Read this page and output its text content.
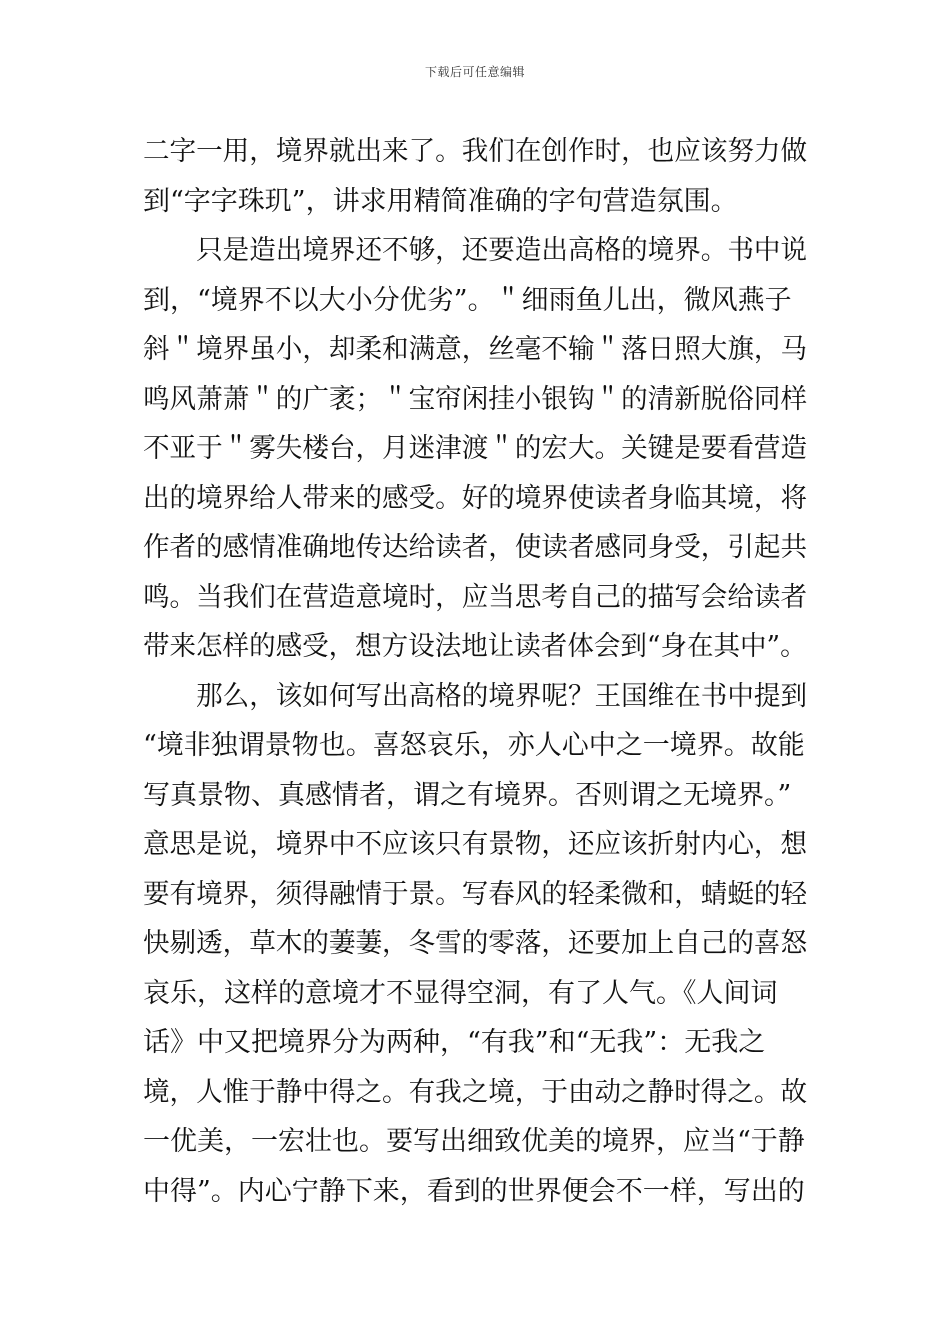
下载后可任意编辑
二字一用，境界就出来了。我们在创作时，也应该努力做
到“字字珠玑”，讲求用精简准确的字句营造氛围。
　　只是造出境界还不够，还要造出高格的境界。书中说
到，“境界不以大小分优劣”。＂细雨鱼儿出，微风燕子
斜＂境界虽小，却柔和满意，丝毫不输＂落日照大旗，马
鸣风萧萧＂的广袤；＂宝帘闲挂小银钩＂的清新脱俗同样
不亚于＂雾失楼台，月迷津渡＂的宏大。关键是要看营造
出的境界给人带来的感受。好的境界使读者身临其境，将
作者的感情准确地传达给读者，使读者感同身受，引起共
鸣。当我们在营造意境时，应当思考自己的描写会给读者
带来怎样的感受，想方设法地让读者体会到“身在其中”。
　　那么，该如何写出高格的境界呢？王国维在书中提到
“境非独谓景物也。喜怒哀乐，亦人心中之一境界。故能
写真景物、真感情者，谓之有境界。否则谓之无境界。”
意思是说，境界中不应该只有景物，还应该折射内心，想
要有境界，须得融情于景。写春风的轻柔微和，蜻蜓的轻
快剔透，草木的萋萋，冬雪的零落，还要加上自己的喜怒
哀乐，这样的意境才不显得空洞，有了人气。《人间词
话》中又把境界分为两种，“有我”和“无我”：无我之
境，人惟于静中得之。有我之境，于由动之静时得之。故
一优美，一宏壮也。要写出细致优美的境界，应当“于静
中得”。内心宁静下来，看到的世界便会不一样，写出的
